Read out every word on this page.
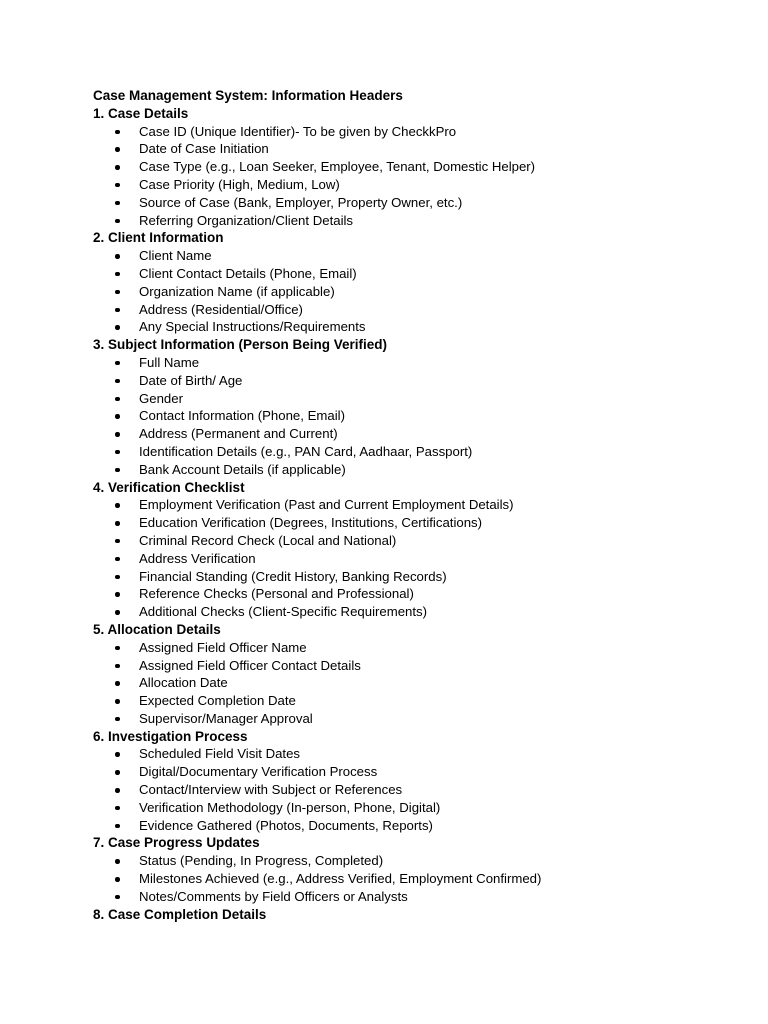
Case Management System: Information Headers
1. Case Details
Case ID (Unique Identifier)- To be given by CheckkPro
Date of Case Initiation
Case Type (e.g., Loan Seeker, Employee, Tenant, Domestic Helper)
Case Priority (High, Medium, Low)
Source of Case (Bank, Employer, Property Owner, etc.)
Referring Organization/Client Details
2. Client Information
Client Name
Client Contact Details (Phone, Email)
Organization Name (if applicable)
Address (Residential/Office)
Any Special Instructions/Requirements
3. Subject Information (Person Being Verified)
Full Name
Date of Birth/ Age
Gender
Contact Information (Phone, Email)
Address (Permanent and Current)
Identification Details (e.g., PAN Card, Aadhaar, Passport)
Bank Account Details (if applicable)
4. Verification Checklist
Employment Verification (Past and Current Employment Details)
Education Verification (Degrees, Institutions, Certifications)
Criminal Record Check (Local and National)
Address Verification
Financial Standing (Credit History, Banking Records)
Reference Checks (Personal and Professional)
Additional Checks (Client-Specific Requirements)
5. Allocation Details
Assigned Field Officer Name
Assigned Field Officer Contact Details
Allocation Date
Expected Completion Date
Supervisor/Manager Approval
6. Investigation Process
Scheduled Field Visit Dates
Digital/Documentary Verification Process
Contact/Interview with Subject or References
Verification Methodology (In-person, Phone, Digital)
Evidence Gathered (Photos, Documents, Reports)
7. Case Progress Updates
Status (Pending, In Progress, Completed)
Milestones Achieved (e.g., Address Verified, Employment Confirmed)
Notes/Comments by Field Officers or Analysts
8. Case Completion Details
